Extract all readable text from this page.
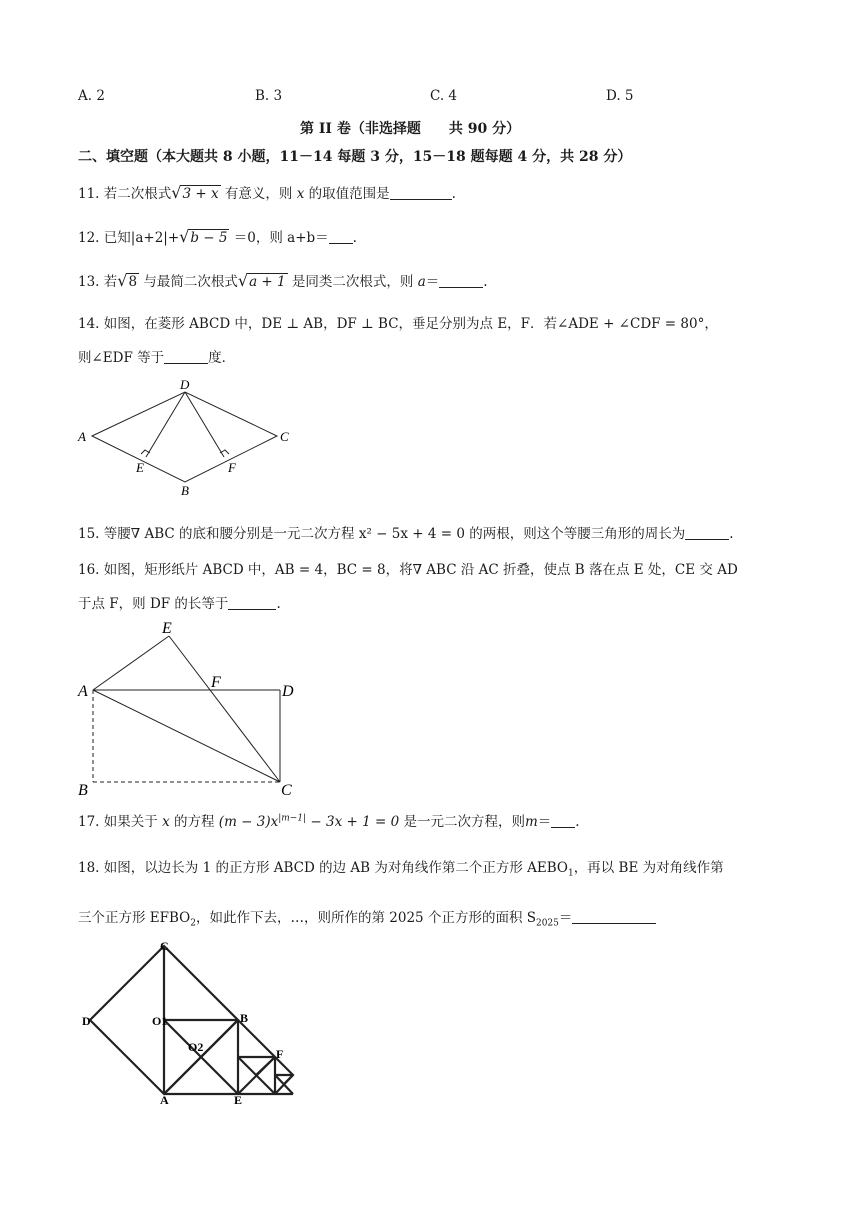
A. 2	B. 3	C. 4	D. 5
第 II 卷（非选择题　　共 90 分）
二、填空题（本大题共 8 小题，11－14 每题 3 分，15－18 题每题 4 分，共 28 分）
11. 若二次根式√3 + x 有意义，则 x 的取值范围是	.
12. 已知|a+2|+√b − 5 ＝0，则 a+b＝ .
13. 若√8 与最简二次根式√a + 1 是同类二次根式，则 a＝	.
14. 如图，在菱形 ABCD 中，DE ⊥ AB，DF ⊥ BC，垂足分别为点 E，F．若∠ADE + ∠CDF = 80°，
则∠EDF 等于	度．
D
A	C
E	F
B
15. 等腰∇ ABC 的底和腰分别是一元二次方程 x² − 5x + 4 = 0 的两根，则这个等腰三角形的周长为	.
16. 如图，矩形纸片 ABCD 中，AB = 4，BC = 8，将∇ ABC 沿 AC 折叠，使点 B 落在点 E 处，CE 交 AD
于点 F，则 DF 的长等于	.
E
A
F
D
B	C
17. 如果关于 x 的方程 $(m - 3)x^{|m-1|} - 3x + 1 = 0$ 是一元二次方程，则m＝ .
18. 如图，以边长为 1 的正方形 ABCD 的边 AB 为对角线作第二个正方形 $AEBO_1$，再以 BE 为对角线作第
三个正方形 $EFBO_2$，如此作下去，…，则所作的第 2025 个正方形的面积 $S_{2025}=$
C
D	O1	B
O2	F
A	E
